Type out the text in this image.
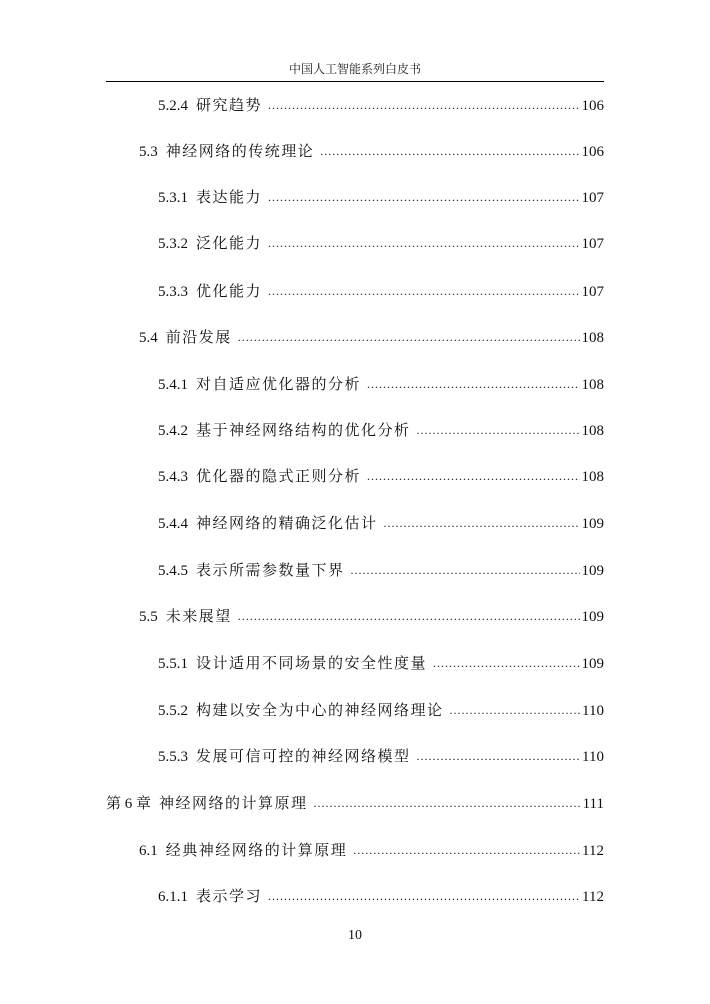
中国人工智能系列白皮书
5.2.4 研究趋势 .....	106
5.3 神经网络的传统理论 .....	106
5.3.1 表达能力 .....	107
5.3.2 泛化能力 .....	107
5.3.3 优化能力 .....	107
5.4 前沿发展 .....	108
5.4.1 对自适应优化器的分析 .....	108
5.4.2 基于神经网络结构的优化分析 .....	108
5.4.3 优化器的隐式正则分析 .....	108
5.4.4 神经网络的精确泛化估计 .....	109
5.4.5 表示所需参数量下界 .....	109
5.5 未来展望 .....	109
5.5.1 设计适用不同场景的安全性度量 .....	109
5.5.2 构建以安全为中心的神经网络理论 .....	110
5.5.3 发展可信可控的神经网络模型 .....	110
第 6 章 神经网络的计算原理 .....	111
6.1 经典神经网络的计算原理 .....	112
6.1.1 表示学习 .....	112
10
